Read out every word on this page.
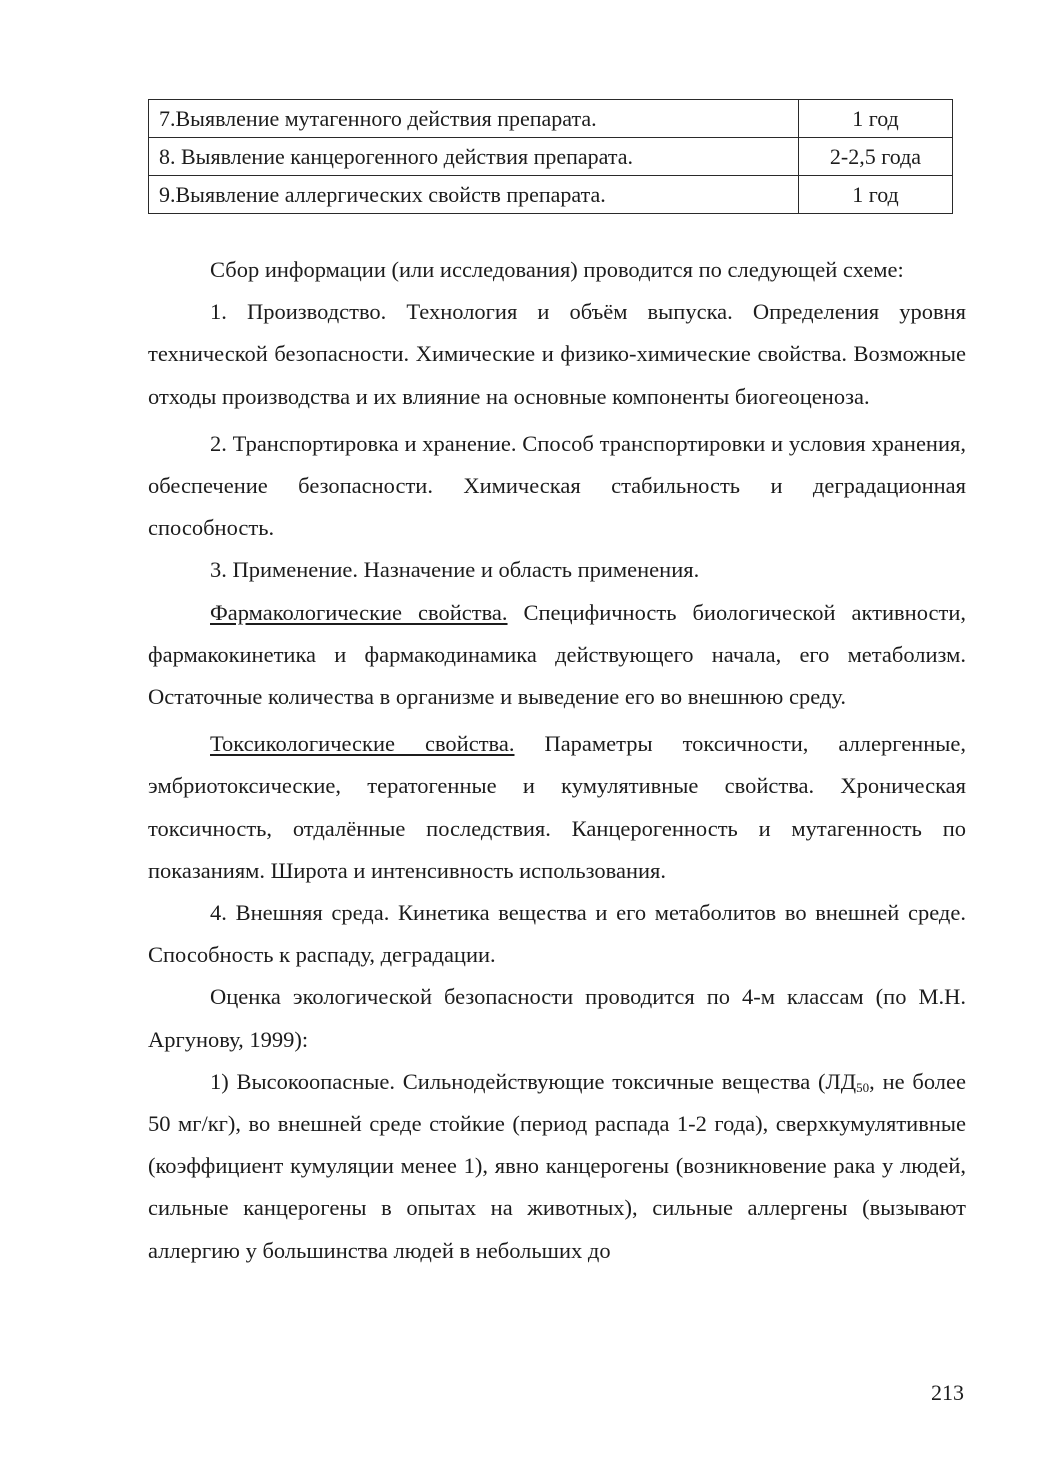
7.Выявление мутагенного действия препарата.	1 год
8. Выявление канцерогенного действия препарата.	2-2,5 года
9.Выявление аллергических свойств препарата.	1 год

Сбор информации (или исследования) проводится по следующей схеме:

1. Производство. Технология и объём выпуска. Определения уровня технической безопасности. Химические и физико-химические свойства. Возможные отходы производства и их влияние на основные компоненты биогеоценоза.

2. Транспортировка и хранение. Способ транспортировки и условия хранения, обеспечение безопасности. Химическая стабильность и деградационная способность.

3. Применение. Назначение и область применения.

Фармакологические свойства. Специфичность биологической активности, фармакокинетика и фармакодинамика действующего начала, его метаболизм. Остаточные количества в организме и выведение его во внешнюю среду.

Токсикологические свойства. Параметры токсичности, аллергенные, эмбриотоксические, тератогенные и кумулятивные свойства. Хроническая токсичность, отдалённые последствия. Канцерогенность и мутагенность по показаниям. Широта и интенсивность использования.

4. Внешняя среда. Кинетика вещества и его метаболитов во внешней среде. Способность к распаду, деградации.

Оценка экологической безопасности проводится по 4-м классам (по М.Н. Аргунову, 1999):

1) Высокоопасные. Сильнодействующие токсичные вещества ($ЛД_{50}$, не более 50 мг/кг), во внешней среде стойкие (период распада 1-2 года), сверхкумулятивные (коэффициент кумуляции менее 1), явно канцерогены (возникновение рака у людей, сильные канцерогены в опытах на животных), сильные аллергены (вызывают аллергию у большинства людей в небольших до

213
